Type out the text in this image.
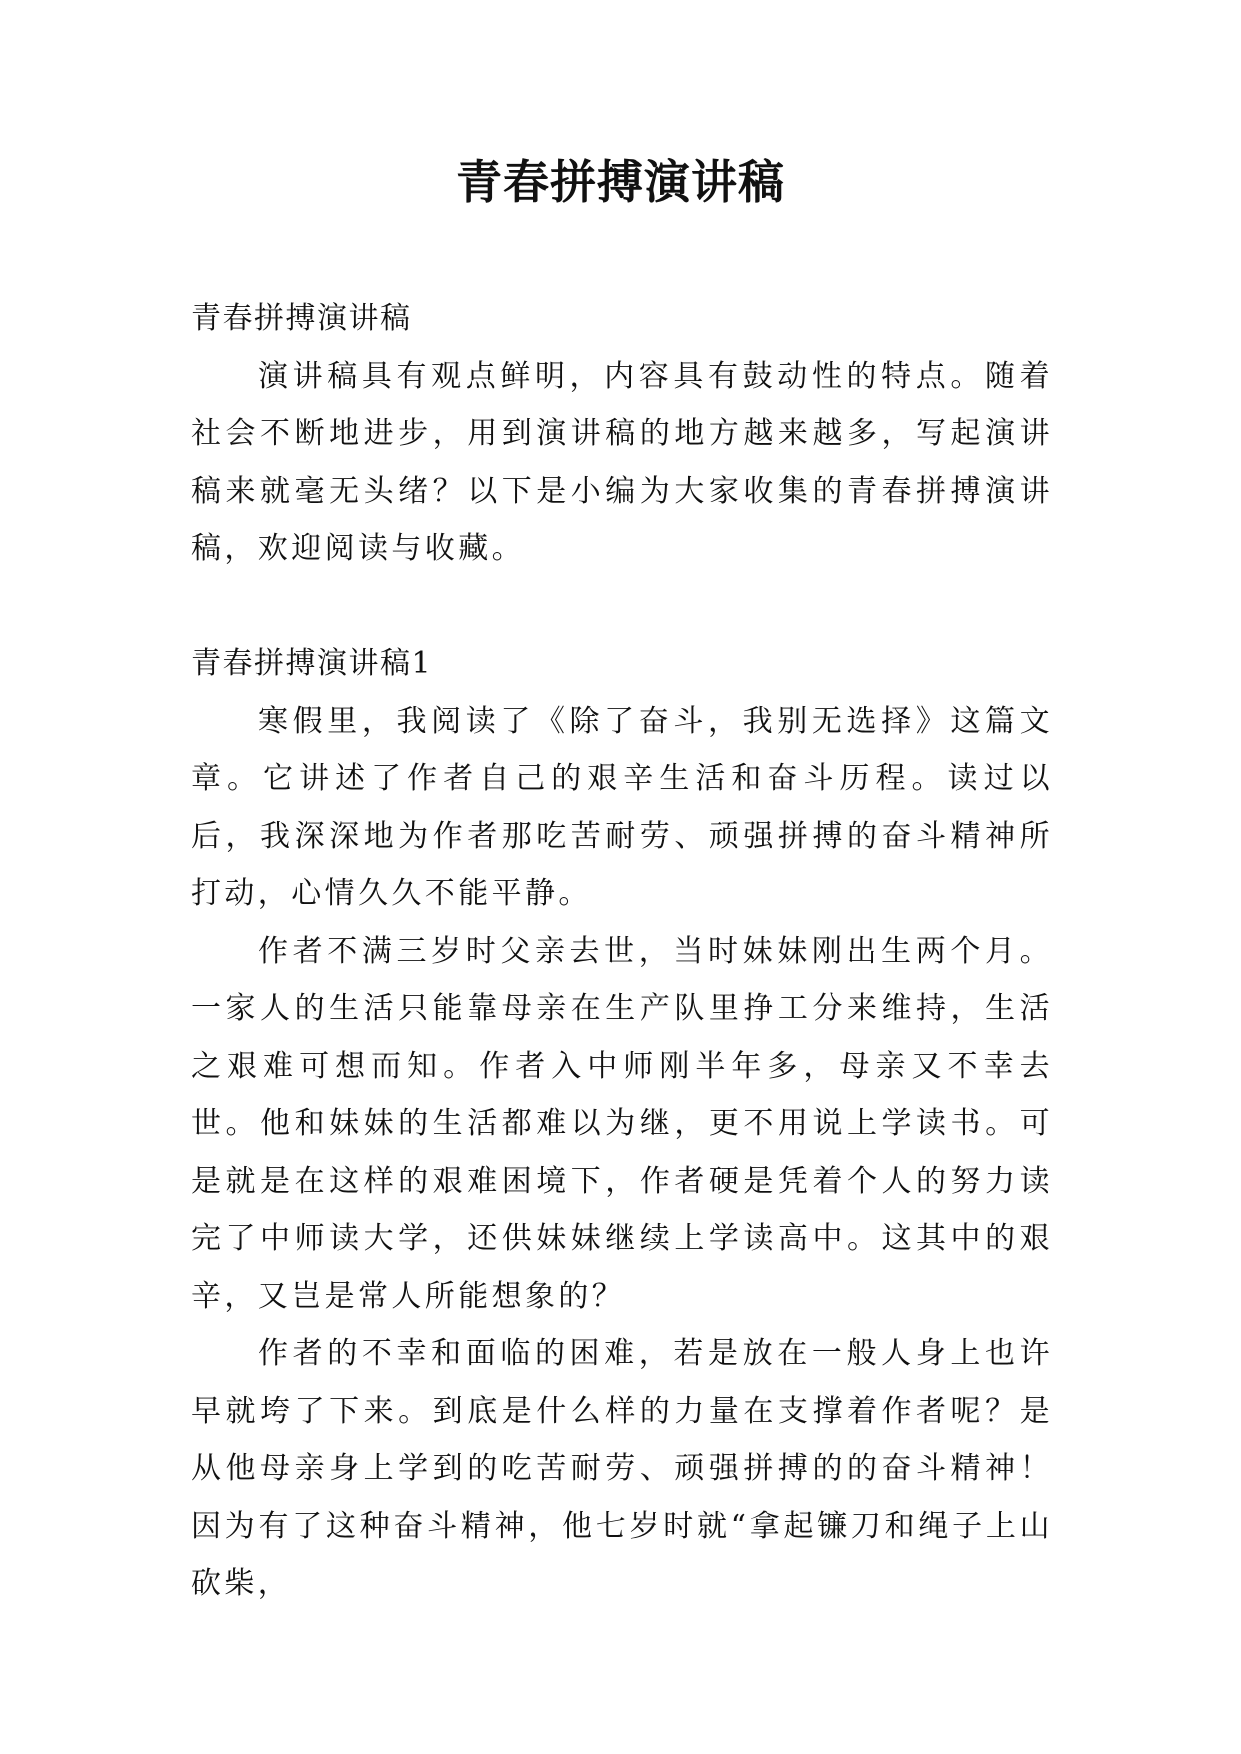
青春拼搏演讲稿

青春拼搏演讲稿

演讲稿具有观点鲜明，内容具有鼓动性的特点。随着社会不断地进步，用到演讲稿的地方越来越多，写起演讲稿来就毫无头绪？以下是小编为大家收集的青春拼搏演讲稿，欢迎阅读与收藏。

青春拼搏演讲稿1

寒假里，我阅读了《除了奋斗，我别无选择》这篇文章。它讲述了作者自己的艰辛生活和奋斗历程。读过以后，我深深地为作者那吃苦耐劳、顽强拼搏的奋斗精神所打动，心情久久不能平静。

作者不满三岁时父亲去世，当时妹妹刚出生两个月。一家人的生活只能靠母亲在生产队里挣工分来维持，生活之艰难可想而知。作者入中师刚半年多，母亲又不幸去世。他和妹妹的生活都难以为继，更不用说上学读书。可是就是在这样的艰难困境下，作者硬是凭着个人的努力读完了中师读大学，还供妹妹继续上学读高中。这其中的艰辛，又岂是常人所能想象的？

作者的不幸和面临的困难，若是放在一般人身上也许早就垮了下来。到底是什么样的力量在支撑着作者呢？是从他母亲身上学到的吃苦耐劳、顽强拼搏的的奋斗精神！因为有了这种奋斗精神，他七岁时就“拿起镰刀和绳子上山砍柴，
